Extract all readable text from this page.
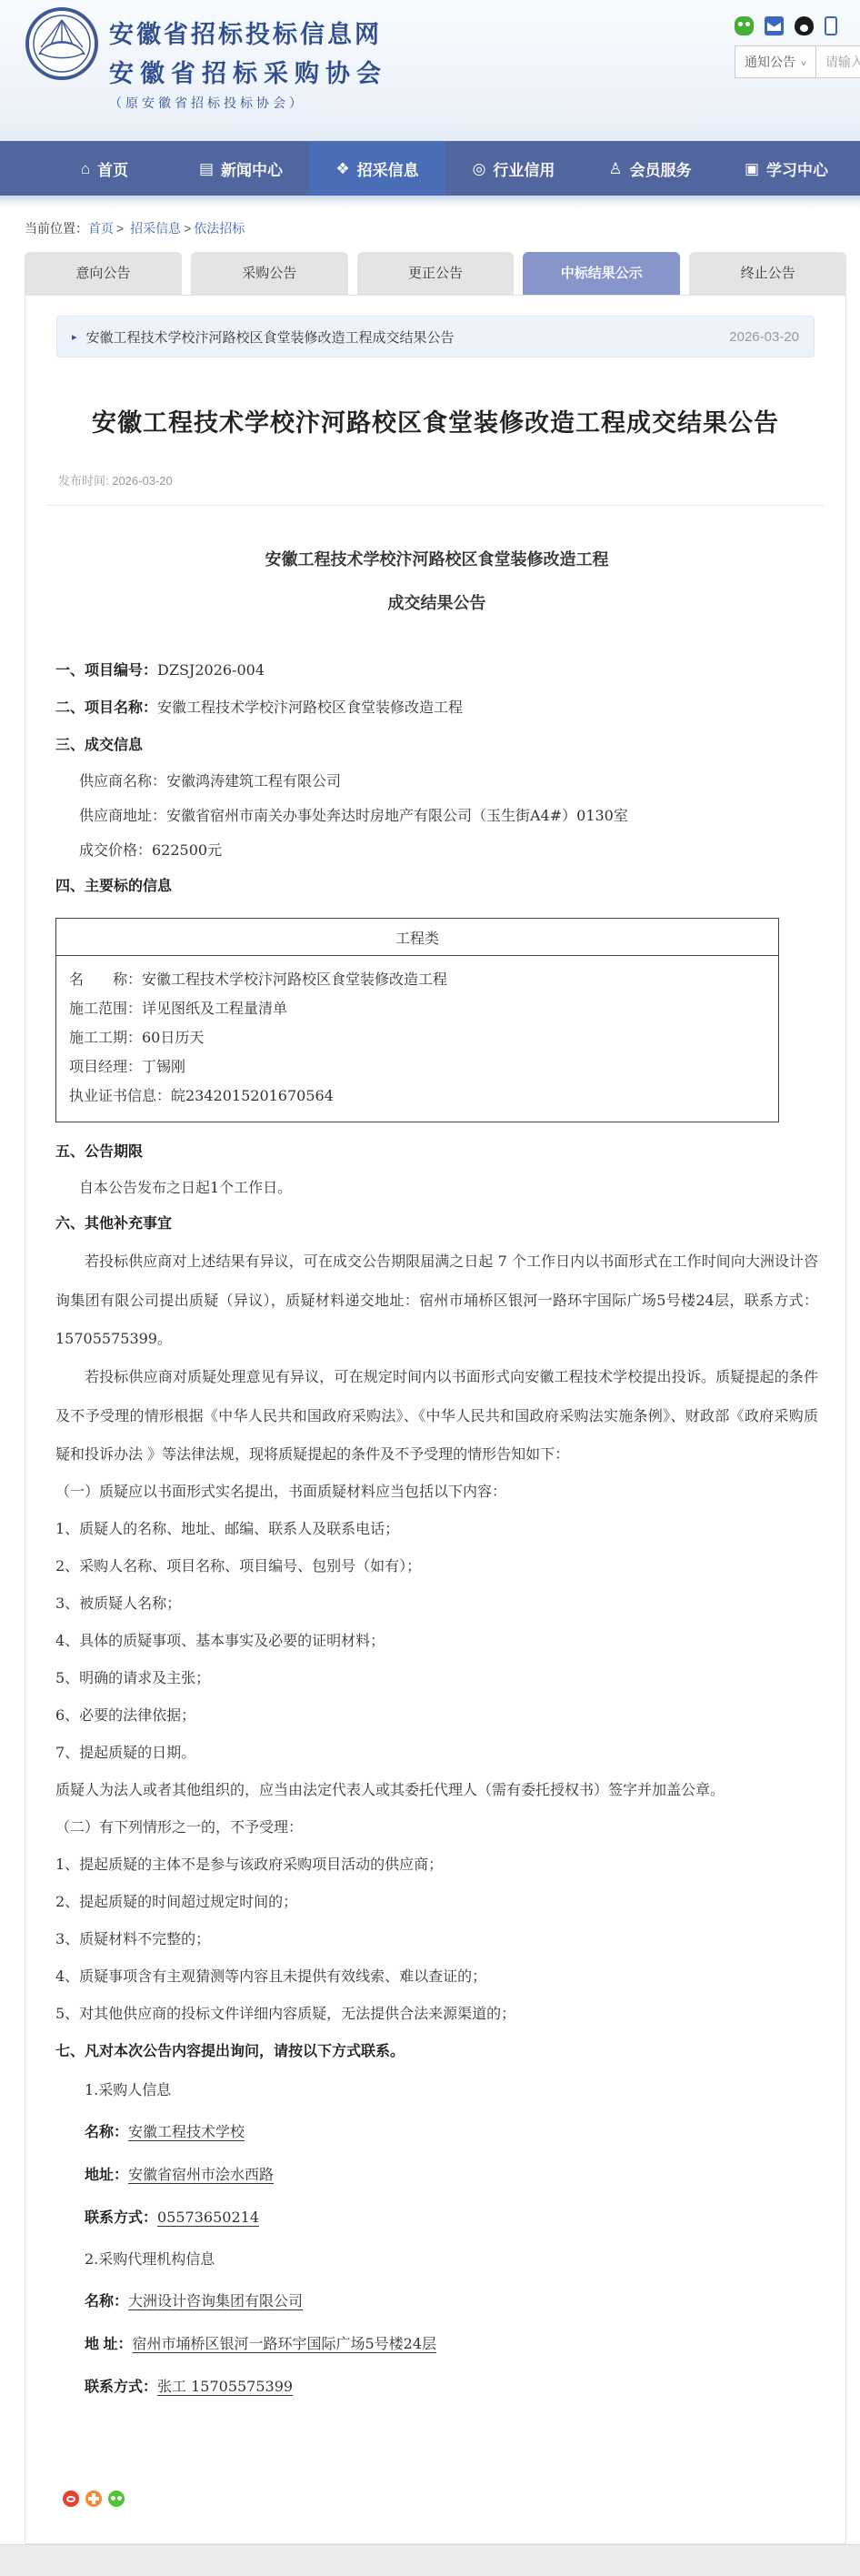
安徽省招标投标信息网
安徽省招标采购协会
（原安徽省招标投标协会）
通知公告 ˅
请输入
⌂
首页 ▤	新闻中心 ❖	招采信息 ◎	行业信用 ♙	会员服务 ▣	学习中心
当前位置：首页 > 招采信息 > 依法招标
意向公告	采购公告	更正公告	中标结果公示	终止公告
▸ 安徽工程技术学校汴河路校区食堂装修改造工程成交结果公告	2026-03-20
安徽工程技术学校汴河路校区食堂装修改造工程成交结果公告
发布时间: 2026-03-20
安徽工程技术学校汴河路校区食堂装修改造工程
成交结果公告
一、项目编号：DZSJ2026-004
二、项目名称：安徽工程技术学校汴河路校区食堂装修改造工程
三、成交信息
供应商名称：安徽鸿涛建筑工程有限公司
供应商地址：安徽省宿州市南关办事处奔达时房地产有限公司（玉生街A4#）0130室
成交价格：622500元
四、主要标的信息
工程类

名　　称：安徽工程技术学校汴河路校区食堂装修改造工程
施工范围：详见图纸及工程量清单
施工工期：60日历天
项目经理：丁锡刚
执业证书信息：皖2342015201670564
五、公告期限
自本公告发布之日起1个工作日。
六、其他补充事宜
若投标供应商对上述结果有异议，可在成交公告期限届满之日起 7 个工作日内以书面形式在工作时间向大洲设计咨询集团有限公司提出质疑（异议），质疑材料递交地址：宿州市埇桥区银河一路环宇国际广场5号楼24层，联系方式：15705575399。
若投标供应商对质疑处理意见有异议，可在规定时间内以书面形式向安徽工程技术学校提出投诉。质疑提起的条件及不予受理的情形根据《中华人民共和国政府采购法》、《中华人民共和国政府采购法实施条例》、财政部《政府采购质疑和投诉办法 》等法律法规，现将质疑提起的条件及不予受理的情形告知如下：
（一）质疑应以书面形式实名提出，书面质疑材料应当包括以下内容：
1、质疑人的名称、地址、邮编、联系人及联系电话；
2、采购人名称、项目名称、项目编号、包别号（如有）；
3、被质疑人名称；
4、具体的质疑事项、基本事实及必要的证明材料；
5、明确的请求及主张；
6、必要的法律依据；
7、提起质疑的日期。
质疑人为法人或者其他组织的，应当由法定代表人或其委托代理人（需有委托授权书）签字并加盖公章。
（二）有下列情形之一的，不予受理：
1、提起质疑的主体不是参与该政府采购项目活动的供应商；
2、提起质疑的时间超过规定时间的；
3、质疑材料不完整的；
4、质疑事项含有主观猜测等内容且未提供有效线索、难以查证的；
5、对其他供应商的投标文件详细内容质疑，无法提供合法来源渠道的；
七、凡对本次公告内容提出询问，请按以下方式联系。
1.采购人信息
名称：安徽工程技术学校
地址：安徽省宿州市浍水西路
联系方式：05573650214
2.采购代理机构信息
名称：大洲设计咨询集团有限公司
地 址：宿州市埇桥区银河一路环宇国际广场5号楼24层
联系方式：张工 15705575399
